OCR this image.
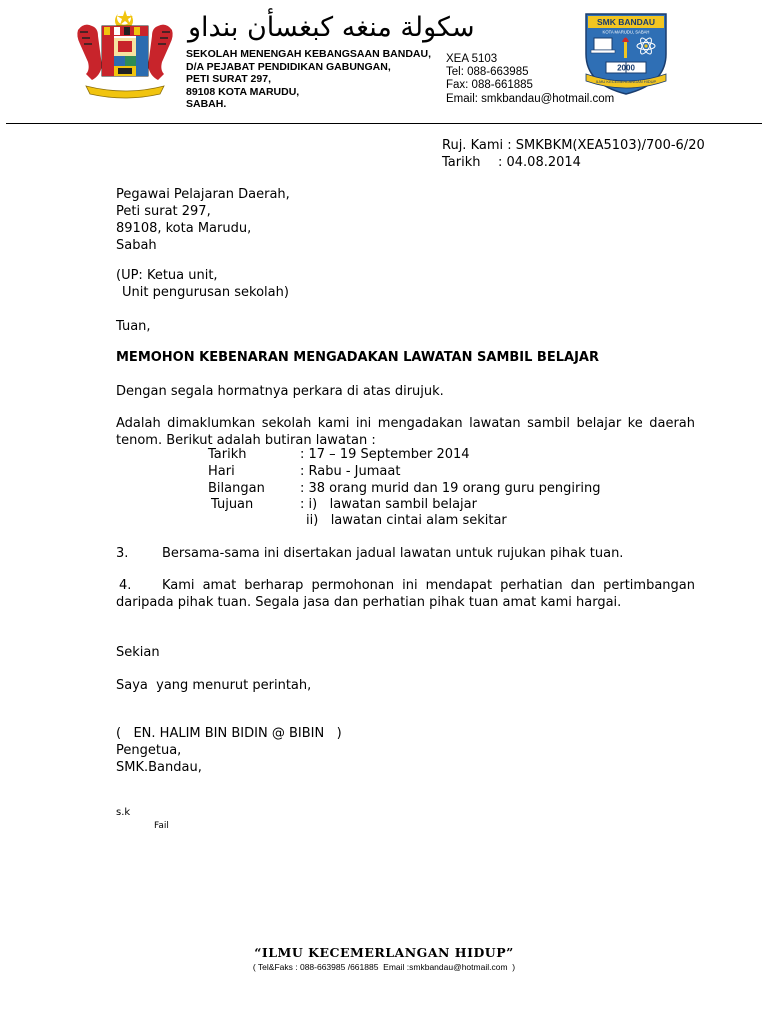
سكولة منغه كبغسأن بنداو
SEKOLAH MENENGAH KEBANGSAAN BANDAU,
D/A PEJABAT PENDIDIKAN GABUNGAN,
PETI SURAT 297,
89108 KOTA MARUDU,
SABAH.
XEA 5103
Tel: 088-663985
Fax: 088-661885
Email: smkbandau@hotmail.com
SMK BANDAU
KOTA MARUDU, SABAH
2000
ILMU KECEMERLANGAN HIDUP
Ruj. Kami : SMKBKM(XEA5103)/700-6/20
Tarikh : 04.08.2014
Pegawai Pelajaran Daerah,
Peti surat 297,
89108, kota Marudu,
Sabah
(UP: Ketua unit,
Unit pengurusan sekolah)
Tuan,
MEMOHON KEBENARAN MENGADAKAN LAWATAN SAMBIL BELAJAR
Dengan segala hormatnya perkara di atas dirujuk.
Adalah dimaklumkan sekolah kami ini mengadakan lawatan sambil belajar ke daerah tenom. Berikut adalah butiran lawatan :
Tarikh	: 17 – 19 September 2014
Hari	: Rabu - Jumaat
Bilangan	: 38 orang murid dan 19 orang guru pengiring
Tujuan	: i)   lawatan sambil belajar
ii)   lawatan cintai alam sekitar
3.	Bersama-sama ini disertakan jadual lawatan untuk rujukan pihak tuan.
4.	Kami amat berharap permohonan ini mendapat perhatian dan pertimbangan daripada pihak tuan. Segala jasa dan perhatian pihak tuan amat kami hargai.
Sekian
Saya  yang menurut perintah,
(   EN. HALIM BIN BIDIN @ BIBIN   )
Pengetua,
SMK.Bandau,
s.k
Fail
“ILMU KECEMERLANGAN HIDUP”
( Tel&Faks : 088-663985 /661885  Email :smkbandau@hotmail.com  )
